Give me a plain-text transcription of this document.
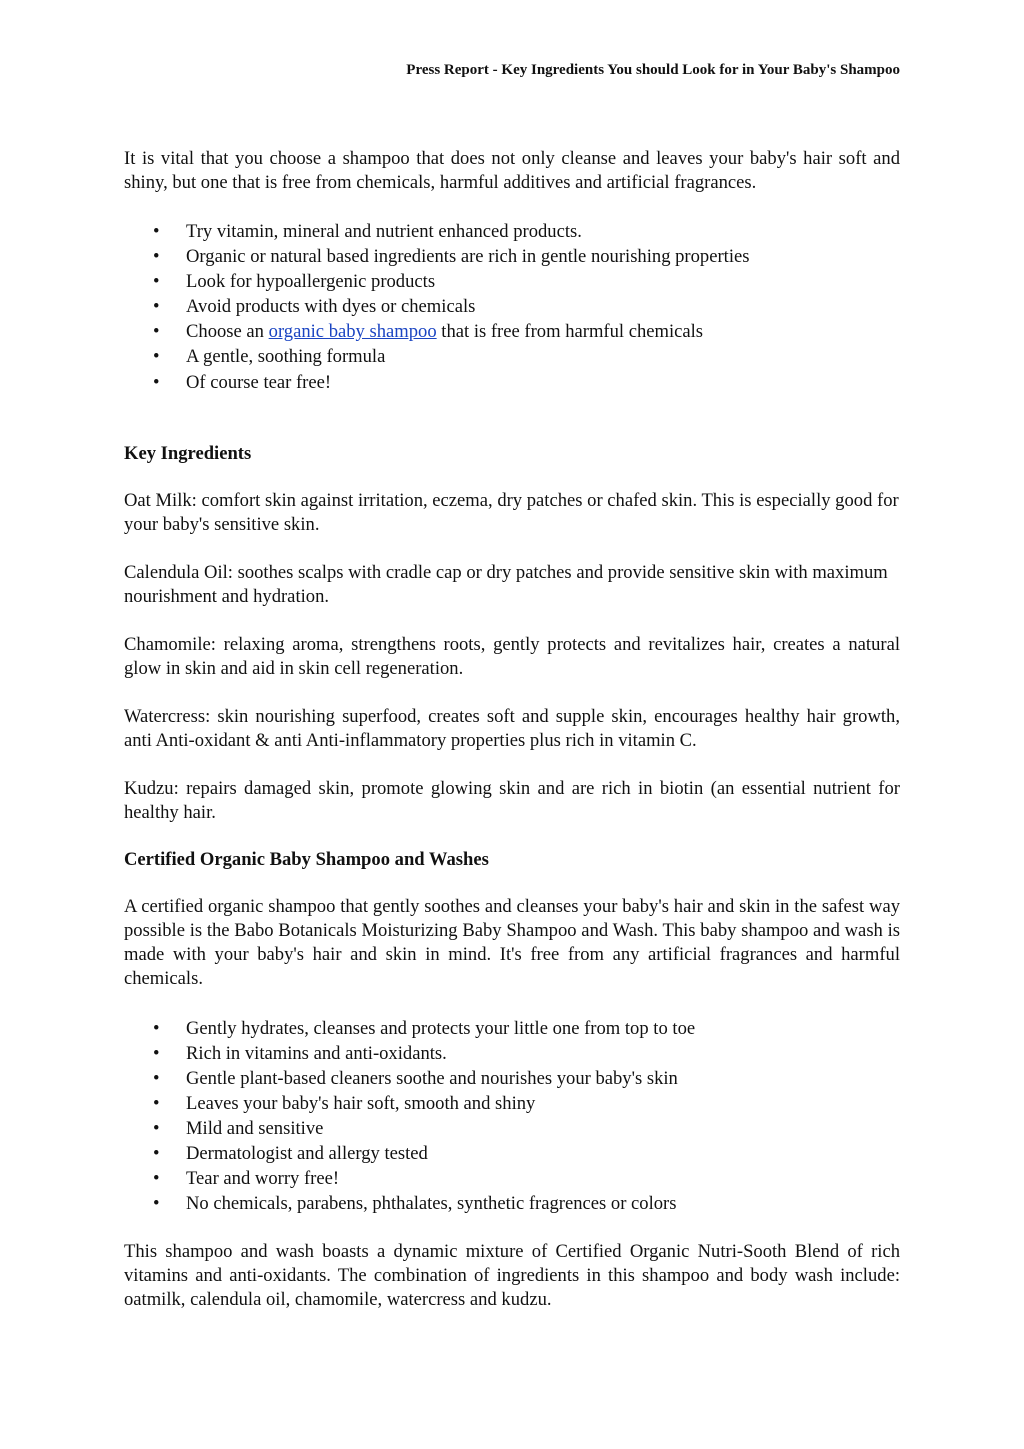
Press Report - Key Ingredients You should Look for in Your Baby's Shampoo

It is vital that you choose a shampoo that does not only cleanse and leaves your baby's hair soft and shiny, but one that is free from chemicals, harmful additives and artificial fragrances.

• Try vitamin, mineral and nutrient enhanced products.
• Organic or natural based ingredients are rich in gentle nourishing properties
• Look for hypoallergenic products
• Avoid products with dyes or chemicals
• Choose an organic baby shampoo that is free from harmful chemicals
• A gentle, soothing formula
• Of course tear free!

Key Ingredients

Oat Milk: comfort skin against irritation, eczema, dry patches or chafed skin. This is especially good for your baby's sensitive skin.

Calendula Oil: soothes scalps with cradle cap or dry patches and provide sensitive skin with maximum nourishment and hydration.

Chamomile: relaxing aroma, strengthens roots, gently protects and revitalizes hair, creates a natural glow in skin and aid in skin cell regeneration.

Watercress: skin nourishing superfood, creates soft and supple skin, encourages healthy hair growth, anti Anti-oxidant & anti Anti-inflammatory properties plus rich in vitamin C.

Kudzu: repairs damaged skin, promote glowing skin and are rich in biotin (an essential nutrient for healthy hair.

Certified Organic Baby Shampoo and Washes

A certified organic shampoo that gently soothes and cleanses your baby's hair and skin in the safest way possible is the Babo Botanicals Moisturizing Baby Shampoo and Wash. This baby shampoo and wash is made with your baby's hair and skin in mind. It's free from any artificial fragrances and harmful chemicals.

• Gently hydrates, cleanses and protects your little one from top to toe
• Rich in vitamins and anti-oxidants.
• Gentle plant-based cleaners soothe and nourishes your baby's skin
• Leaves your baby's hair soft, smooth and shiny
• Mild and sensitive
• Dermatologist and allergy tested
• Tear and worry free!
• No chemicals, parabens, phthalates, synthetic fragrences or colors

This shampoo and wash boasts a dynamic mixture of Certified Organic Nutri-Sooth Blend of rich vitamins and anti-oxidants. The combination of ingredients in this shampoo and body wash include: oatmilk, calendula oil, chamomile, watercress and kudzu.
